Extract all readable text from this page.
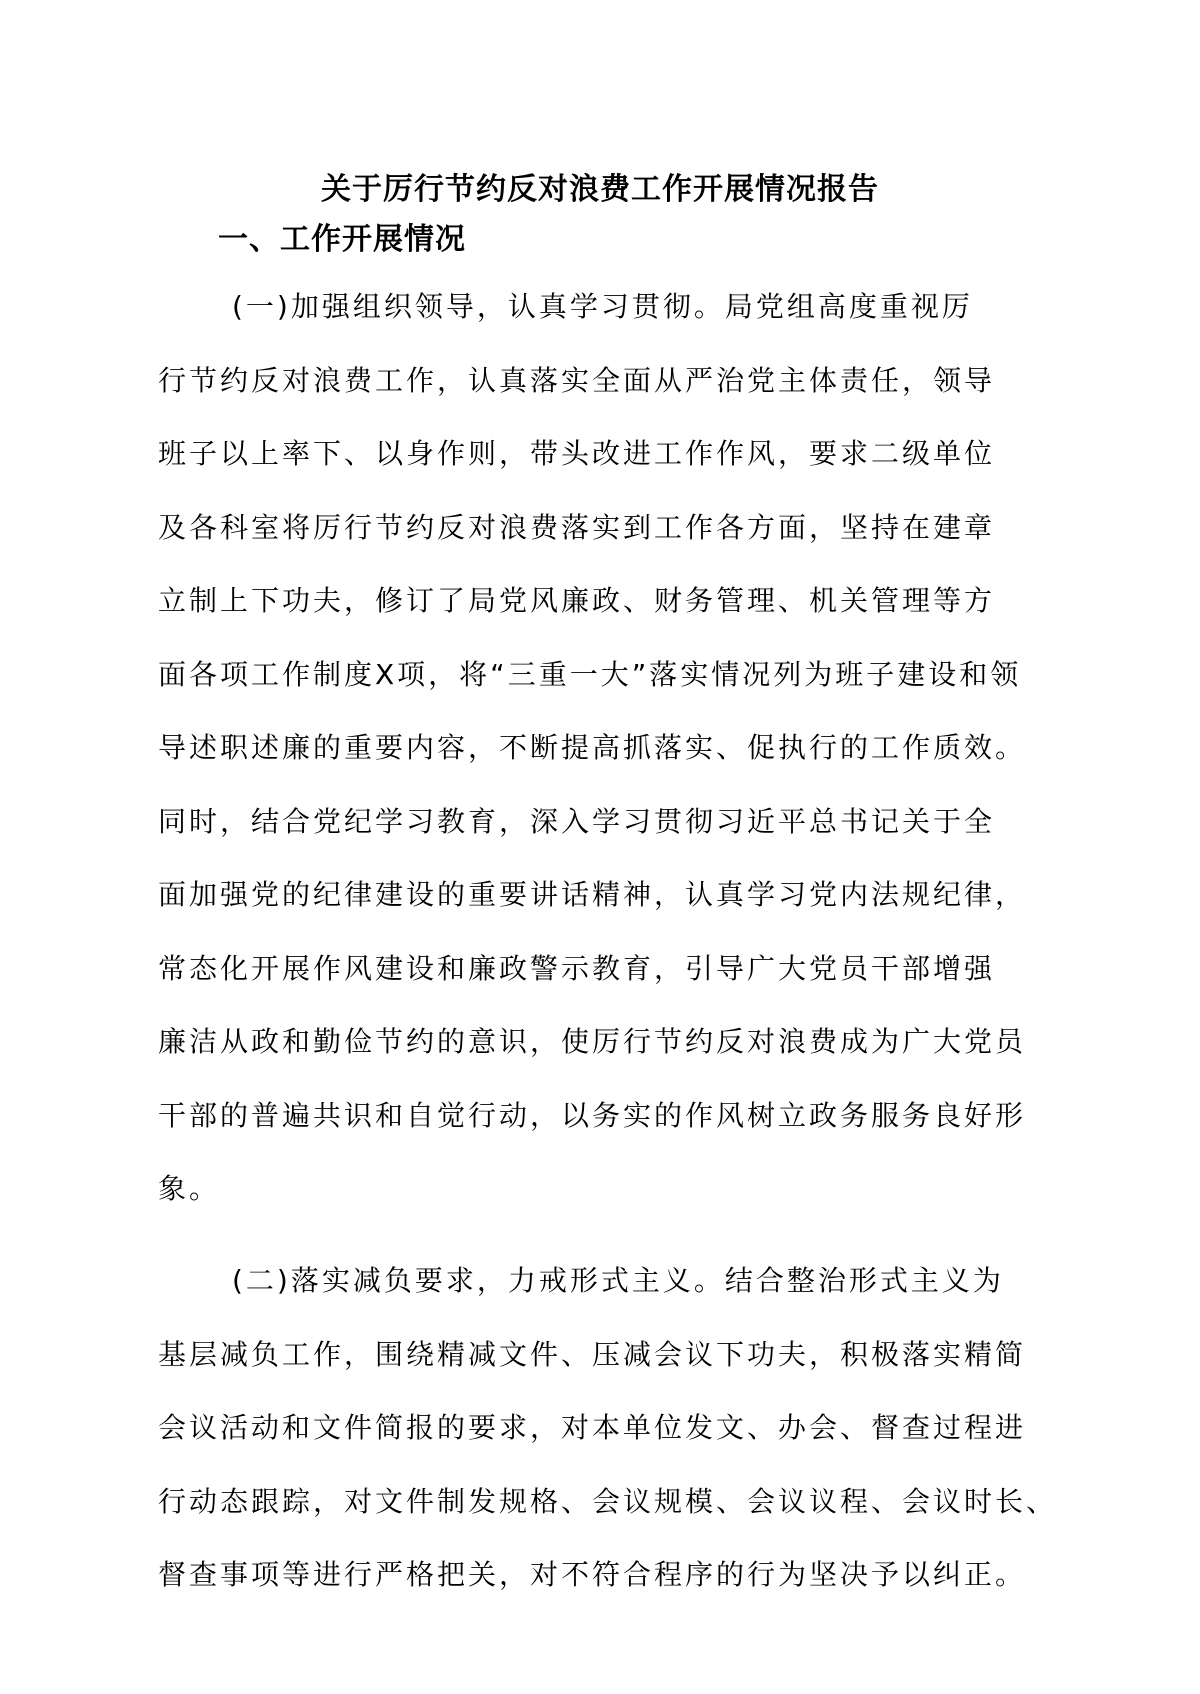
关于厉行节约反对浪费工作开展情况报告
一、工作开展情况
(一)加强组织领导，认真学习贯彻。局党组高度重视厉
行节约反对浪费工作，认真落实全面从严治党主体责任，领导
班子以上率下、以身作则，带头改进工作作风，要求二级单位
及各科室将厉行节约反对浪费落实到工作各方面，坚持在建章
立制上下功夫，修订了局党风廉政、财务管理、机关管理等方
面各项工作制度X项，将“三重一大”落实情况列为班子建设和领
导述职述廉的重要内容，不断提高抓落实、促执行的工作质效。
同时，结合党纪学习教育，深入学习贯彻习近平总书记关于全
面加强党的纪律建设的重要讲话精神，认真学习党内法规纪律，
常态化开展作风建设和廉政警示教育，引导广大党员干部增强
廉洁从政和勤俭节约的意识，使厉行节约反对浪费成为广大党员
干部的普遍共识和自觉行动，以务实的作风树立政务服务良好形
象。
(二)落实减负要求，力戒形式主义。结合整治形式主义为
基层减负工作，围绕精减文件、压减会议下功夫，积极落实精简
会议活动和文件简报的要求，对本单位发文、办会、督查过程进
行动态跟踪，对文件制发规格、会议规模、会议议程、会议时长、
督查事项等进行严格把关，对不符合程序的行为坚决予以纠正。
